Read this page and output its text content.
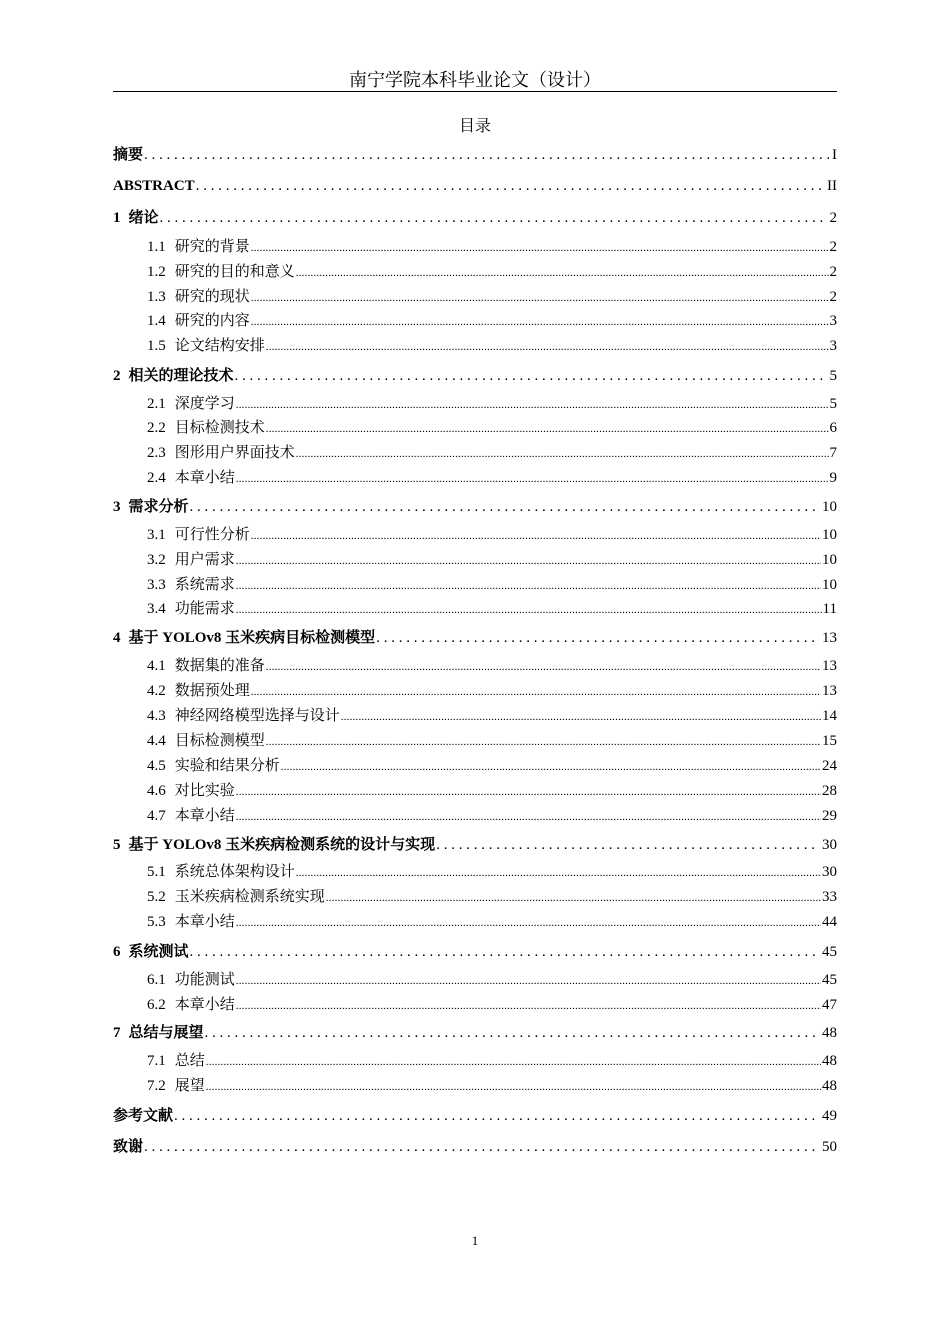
南宁学院本科毕业论文（设计）
目录
摘要 . . .	I
ABSTRACT . . .	II
1 绪论 . . .	2
1.1 研究的背景 .....	2
1.2 研究的目的和意义 .....	2
1.3 研究的现状 .....	2
1.4 研究的内容 .....	3
1.5 论文结构安排 .....	3
2 相关的理论技术 . . .	5
2.1 深度学习 .....	5
2.2 目标检测技术 .....	6
2.3 图形用户界面技术 .....	7
2.4 本章小结 .....	9
3 需求分析 . . .	10
3.1 可行性分析 .....	10
3.2 用户需求 .....	10
3.3 系统需求 .....	10
3.4 功能需求 .....	11
4 基于 YOLOv8 玉米疾病目标检测模型 . . .	13
4.1 数据集的准备 .....	13
4.2 数据预处理 .....	13
4.3 神经网络模型选择与设计 .....	14
4.4 目标检测模型 .....	15
4.5 实验和结果分析 .....	24
4.6 对比实验 .....	28
4.7 本章小结 .....	29
5 基于 YOLOv8 玉米疾病检测系统的设计与实现 . . .	30
5.1 系统总体架构设计 .....	30
5.2 玉米疾病检测系统实现 .....	33
5.3 本章小结 .....	44
6 系统测试 . . .	45
6.1 功能测试 .....	45
6.2 本章小结 .....	47
7 总结与展望 . . .	48
7.1 总结 .....	48
7.2 展望 .....	48
参考文献 . . .	49
致谢 . . .	50
1
